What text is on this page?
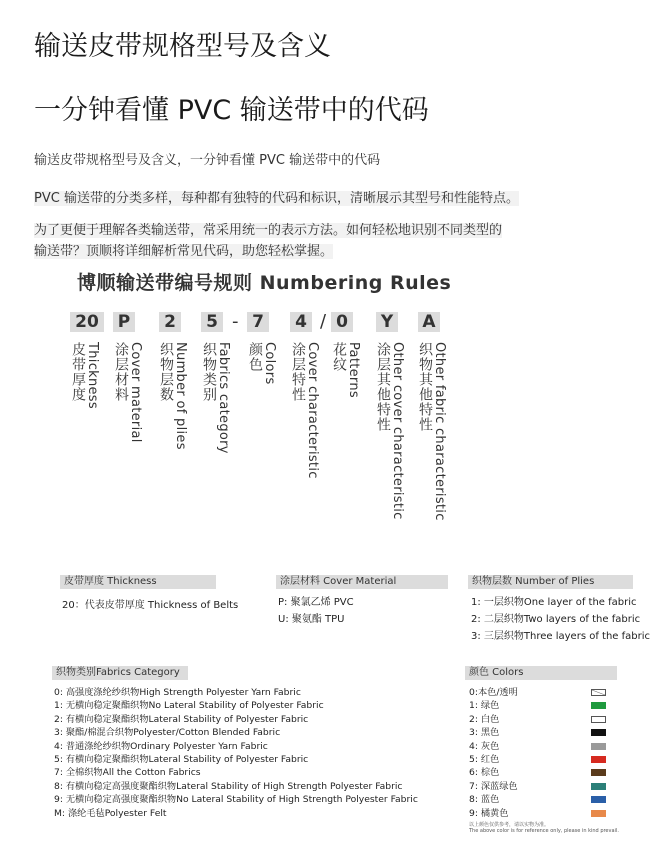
输送皮带规格型号及含义
一分钟看懂 PVC 输送带中的代码
输送皮带规格型号及含义，一分钟看懂 PVC 输送带中的代码
PVC 输送带的分类多样，每种都有独特的代码和标识，清晰展示其型号和性能特点。
为了更便于理解各类输送带，常采用统一的表示方法。如何轻松地识别不同类型的
输送带？顶顺将详细解析常见代码，助您轻松掌握。
博顺输送带编号规则 Numbering Rules
20	P 2 5 - 7 4 / 0 Y A
皮带厚度 Thickness 涂层材料 Cover material 织物层数 Number of plies 织物类别 Fabrics category 颜色 Colors 涂层特性 Cover characteristic 花纹 Patterns 涂层其他特性 Other cover characteristic 织物其他特性 Other fabric characteristic
皮带厚度 Thickness
20：代表皮带厚度 Thickness of Belts
涂层材料 Cover Material
P: 聚氯乙烯 PVC
U: 聚氨酯 TPU
织物层数 Number of Plies
1: 一层织物One layer of the fabric
2: 二层织物Two layers of the fabric
3: 三层织物Three layers of the fabric
织物类别Fabrics Category
0: 高强度涤纶纱织物High Strength Polyester Yarn Fabric
1: 无横向稳定聚酯织物No Lateral Stability of Polyester Fabric
2: 有横向稳定聚酯织物Lateral Stability of Polyester Fabric
3: 聚酯/棉混合织物Polyester/Cotton Blended Fabric
4: 普通涤纶纱织物Ordinary Polyester Yarn Fabric
5: 有横向稳定聚酯织物Lateral Stability of Polyester Fabric
7: 全棉织物All the Cotton Fabrics
8: 有横向稳定高强度聚酯织物Lateral Stability of High Strength Polyester Fabric
9: 无横向稳定高强度聚酯织物No Lateral Stability of High Strength Polyester Fabric
M: 涤纶毛毡Polyester Felt
颜色 Colors
0:本色/透明
1: 绿色
2: 白色
3: 黑色
4: 灰色
5: 红色
6: 棕色
7: 深蓝绿色
8: 蓝色
9: 橘黄色
以上颜色仅供参考，请以实物为准。
The above color is for reference only, please in kind prevail.
